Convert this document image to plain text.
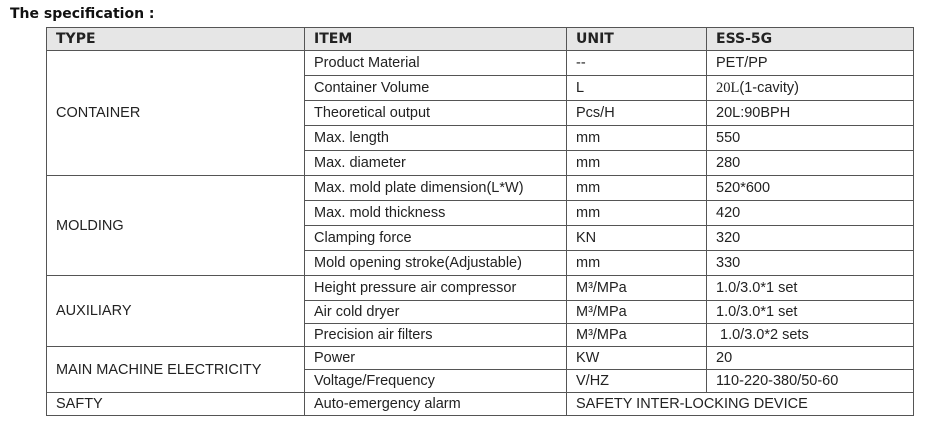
The specification :
TYPE	ITEM	UNIT	ESS-5G
CONTAINER	Product Material	--	PET/PP
	Container Volume	L	20L(1-cavity)
	Theoretical output	Pcs/H	20L:90BPH
	Max. length	mm	550
	Max. diameter	mm	280
MOLDING	Max. mold plate dimension(L*W)	mm	520*600
	Max. mold thickness	mm	420
	Clamping force	KN	320
	Mold opening stroke(Adjustable)	mm	330
AUXILIARY	Height pressure air compressor	M³/MPa	1.0/3.0*1 set
	Air cold dryer	M³/MPa	1.0/3.0*1 set
	Precision air filters	M³/MPa	1.0/3.0*2 sets
MAIN MACHINE ELECTRICITY	Power	KW	20
	Voltage/Frequency	V/HZ	110-220-380/50-60
SAFTY	Auto-emergency alarm	SAFETY INTER-LOCKING DEVICE	
